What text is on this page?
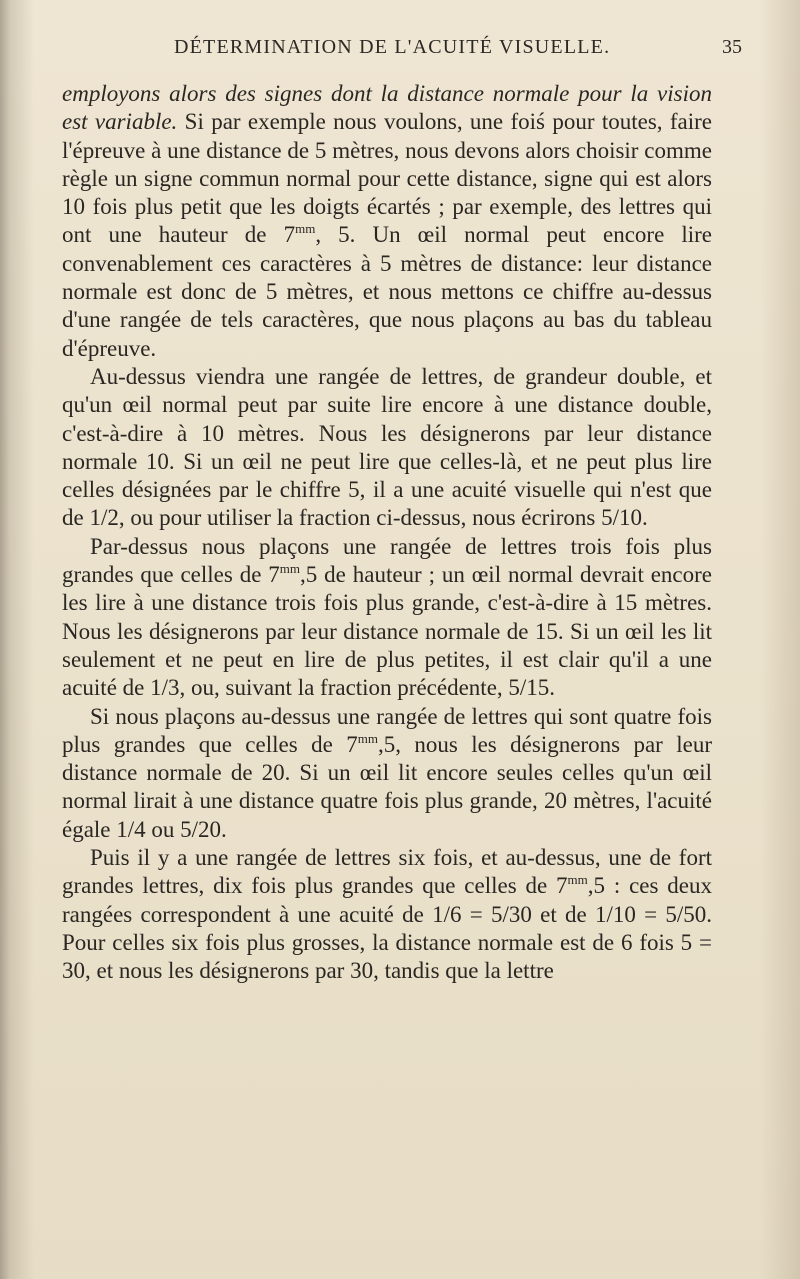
DÉTERMINATION DE L'ACUITÉ VISUELLE.	35

employons alors des signes dont la distance normale pour la vision est variable. Si par exemple nous voulons, une foiś pour toutes, faire l'épreuve à une distance de 5 mètres, nous devons alors choisir comme règle un signe commun normal pour cette distance, signe qui est alors 10 fois plus petit que les doigts écartés ; par exemple, des lettres qui ont une hauteur de $7^{mm}$, 5. Un œil normal peut encore lire convenablement ces caractères à 5 mètres de distance: leur distance normale est donc de 5 mètres, et nous mettons ce chiffre au-dessus d'une rangée de tels caractères, que nous plaçons au bas du tableau d'épreuve.

Au-dessus viendra une rangée de lettres, de grandeur double, et qu'un œil normal peut par suite lire encore à une distance double, c'est-à-dire à 10 mètres. Nous les désignerons par leur distance normale 10. Si un œil ne peut lire que celles-là, et ne peut plus lire celles désignées par le chiffre 5, il a une acuité visuelle qui n'est que de 1/2, ou pour utiliser la fraction ci-dessus, nous écrirons 5/10.

Par-dessus nous plaçons une rangée de lettres trois fois plus grandes que celles de $7^{mm},5$ de hauteur ; un œil normal devrait encore les lire à une distance trois fois plus grande, c'est-à-dire à 15 mètres. Nous les désignerons par leur distance normale de 15. Si un œil les lit seulement et ne peut en lire de plus petites, il est clair qu'il a une acuité de 1/3, ou, suivant la fraction précédente, 5/15.

Si nous plaçons au-dessus une rangée de lettres qui sont quatre fois plus grandes que celles de $7^{mm},5$, nous les désignerons par leur distance normale de 20. Si un œil lit encore seules celles qu'un œil normal lirait à une distance quatre fois plus grande, 20 mètres, l'acuité égale 1/4 ou 5/20.

Puis il y a une rangée de lettres six fois, et au-dessus, une de fort grandes lettres, dix fois plus grandes que celles de $7^{mm},5$ : ces deux rangées correspondent à une acuité de 1/6 = 5/30 et de 1/10 = 5/50. Pour celles six fois plus grosses, la distance normale est de 6 fois 5 = 30, et nous les désignerons par 30, tandis que la lettre
